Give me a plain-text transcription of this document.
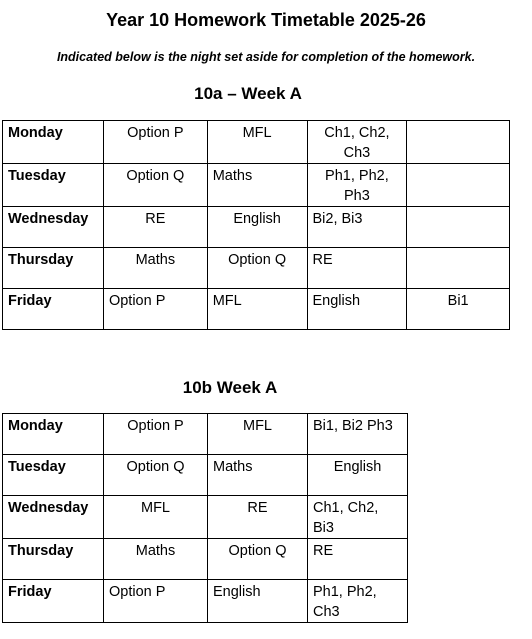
Year 10 Homework Timetable 2025-26
Indicated below is the night set aside for completion of the homework.
10a – Week A
Monday	Option P	MFL	Ch1, Ch2, Ch3	
Tuesday	Option Q	Maths	Ph1, Ph2, Ph3	
Wednesday	RE	English	Bi2, Bi3	
Thursday	Maths	Option Q	RE	
Friday	Option P	MFL	English	Bi1
10b Week A
Monday	Option P	MFL	Bi1, Bi2 Ph3
Tuesday	Option Q	Maths	English
Wednesday	MFL	RE	Ch1, Ch2, Bi3
Thursday	Maths	Option Q	RE
Friday	Option P	English	Ph1, Ph2, Ch3
